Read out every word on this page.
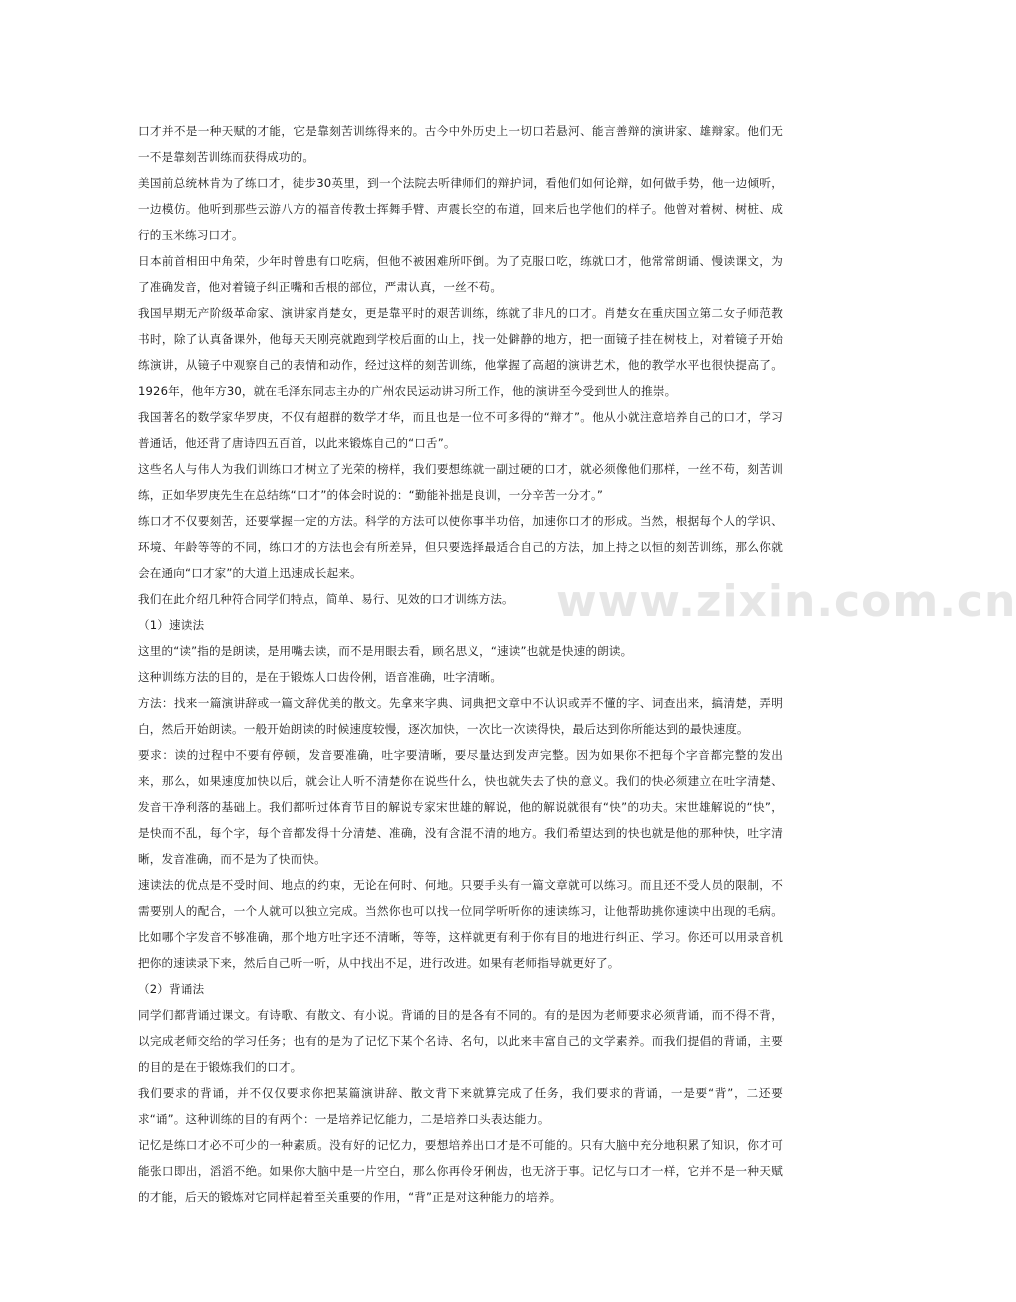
www.zixin.com.cn

口才并不是一种天赋的才能，它是靠刻苦训练得来的。古今中外历史上一切口若悬河、能言善辩的演讲家、雄辩家。他们无一不是靠刻苦训练而获得成功的。

美国前总统林肯为了练口才，徒步30英里，到一个法院去听律师们的辩护词，看他们如何论辩，如何做手势，他一边倾听，一边模仿。他听到那些云游八方的福音传教士挥舞手臂、声震长空的布道，回来后也学他们的样子。他曾对着树、树桩、成行的玉米练习口才。

日本前首相田中角荣，少年时曾患有口吃病，但他不被困难所吓倒。为了克服口吃，练就口才，他常常朗诵、慢读课文，为了准确发音，他对着镜子纠正嘴和舌根的部位，严肃认真，一丝不苟。

我国早期无产阶级革命家、演讲家肖楚女，更是靠平时的艰苦训练，练就了非凡的口才。肖楚女在重庆国立第二女子师范教书时，除了认真备课外，他每天天刚亮就跑到学校后面的山上，找一处僻静的地方，把一面镜子挂在树枝上，对着镜子开始练演讲，从镜子中观察自己的表情和动作，经过这样的刻苦训练，他掌握了高超的演讲艺术，他的教学水平也很快提高了。1926年，他年方30，就在毛泽东同志主办的广州农民运动讲习所工作，他的演讲至今受到世人的推崇。

我国著名的数学家华罗庚，不仅有超群的数学才华，而且也是一位不可多得的“辩才”。他从小就注意培养自己的口才，学习普通话，他还背了唐诗四五百首，以此来锻炼自己的“口舌”。

这些名人与伟人为我们训练口才树立了光荣的榜样，我们要想练就一副过硬的口才，就必须像他们那样，一丝不苟，刻苦训练，正如华罗庚先生在总结练“口才”的体会时说的：“勤能补拙是良训，一分辛苦一分才。”

练口才不仅要刻苦，还要掌握一定的方法。科学的方法可以使你事半功倍，加速你口才的形成。当然，根据每个人的学识、环境、年龄等等的不同，练口才的方法也会有所差异，但只要选择最适合自己的方法，加上持之以恒的刻苦训练，那么你就会在通向“口才家”的大道上迅速成长起来。

我们在此介绍几种符合同学们特点，简单、易行、见效的口才训练方法。

（1）速读法

这里的“读”指的是朗读，是用嘴去读，而不是用眼去看，顾名思义，“速读”也就是快速的朗读。

这种训练方法的目的，是在于锻炼人口齿伶俐，语音准确，吐字清晰。

方法：找来一篇演讲辞或一篇文辞优美的散文。先拿来字典、词典把文章中不认识或弄不懂的字、词查出来，搞清楚，弄明白，然后开始朗读。一般开始朗读的时候速度较慢，逐次加快，一次比一次读得快，最后达到你所能达到的最快速度。

要求：读的过程中不要有停顿，发音要准确，吐字要清晰，要尽量达到发声完整。因为如果你不把每个字音都完整的发出来，那么，如果速度加快以后，就会让人听不清楚你在说些什么，快也就失去了快的意义。我们的快必须建立在吐字清楚、发音干净利落的基础上。我们都听过体育节目的解说专家宋世雄的解说，他的解说就很有“快”的功夫。宋世雄解说的“快”，是快而不乱，每个字，每个音都发得十分清楚、准确，没有含混不清的地方。我们希望达到的快也就是他的那种快，吐字清晰，发音准确，而不是为了快而快。

速读法的优点是不受时间、地点的约束，无论在何时、何地。只要手头有一篇文章就可以练习。而且还不受人员的限制，不需要别人的配合，一个人就可以独立完成。当然你也可以找一位同学听听你的速读练习，让他帮助挑你速读中出现的毛病。比如哪个字发音不够准确，那个地方吐字还不清晰，等等，这样就更有利于你有目的地进行纠正、学习。你还可以用录音机把你的速读录下来，然后自己听一听，从中找出不足，进行改进。如果有老师指导就更好了。

（2）背诵法

同学们都背诵过课文。有诗歌、有散文、有小说。背诵的目的是各有不同的。有的是因为老师要求必须背诵，而不得不背，以完成老师交给的学习任务；也有的是为了记忆下某个名诗、名句，以此来丰富自己的文学素养。而我们提倡的背诵，主要的目的是在于锻炼我们的口才。

我们要求的背诵，并不仅仅要求你把某篇演讲辞、散文背下来就算完成了任务，我们要求的背诵，一是要“背”，二还要求“诵”。这种训练的目的有两个：一是培养记忆能力，二是培养口头表达能力。

记忆是练口才必不可少的一种素质。没有好的记忆力，要想培养出口才是不可能的。只有大脑中充分地积累了知识，你才可能张口即出，滔滔不绝。如果你大脑中是一片空白，那么你再伶牙俐齿，也无济于事。记忆与口才一样，它并不是一种天赋的才能，后天的锻炼对它同样起着至关重要的作用，“背”正是对这种能力的培养。
